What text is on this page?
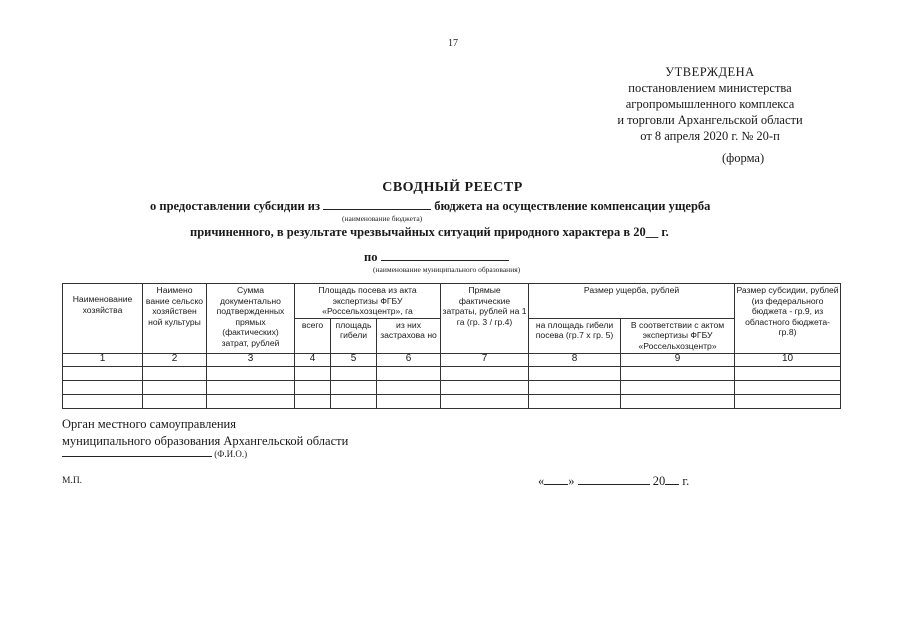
17
УТВЕРЖДЕНА
постановлением министерства
агропромышленного комплекса
и торговли Архангельской области
от 8 апреля 2020 г. № 20-п
(форма)
СВОДНЫЙ РЕЕСТР
о предоставлении субсидии из	бюджета на осуществление компенсации ущерба
(наименование бюджета)
причиненного, в результате чрезвычайных ситуаций природного характера в 20__ г.
по
(наименование муниципального образования)
Наименование хозяйства	Наимено вание сельско хозяйствен ной культуры	Сумма документально подтвержденных прямых (фактических) затрат, рублей	Площадь посева из акта экспертизы ФГБУ «Россельхозцентр», га			Прямые фактические затраты, рублей на 1 га (гр. 3 / гр.4)	Размер ущерба, рублей		Размер субсидии, рублей (из федерального бюджета - гр.9, из областного бюджета- гр.8)
			всего	площадь гибели	из них застрахова но		на площадь гибели посева (гр.7 х гр. 5)	В соответствии с актом экспертизы ФГБУ «Россельхозцентр»	
1	2	3	4	5	6	7	8	9	10

Орган местного самоуправления
муниципального образования Архангельской области
(Ф.И.О.)
М.П.	« »	20 г.
